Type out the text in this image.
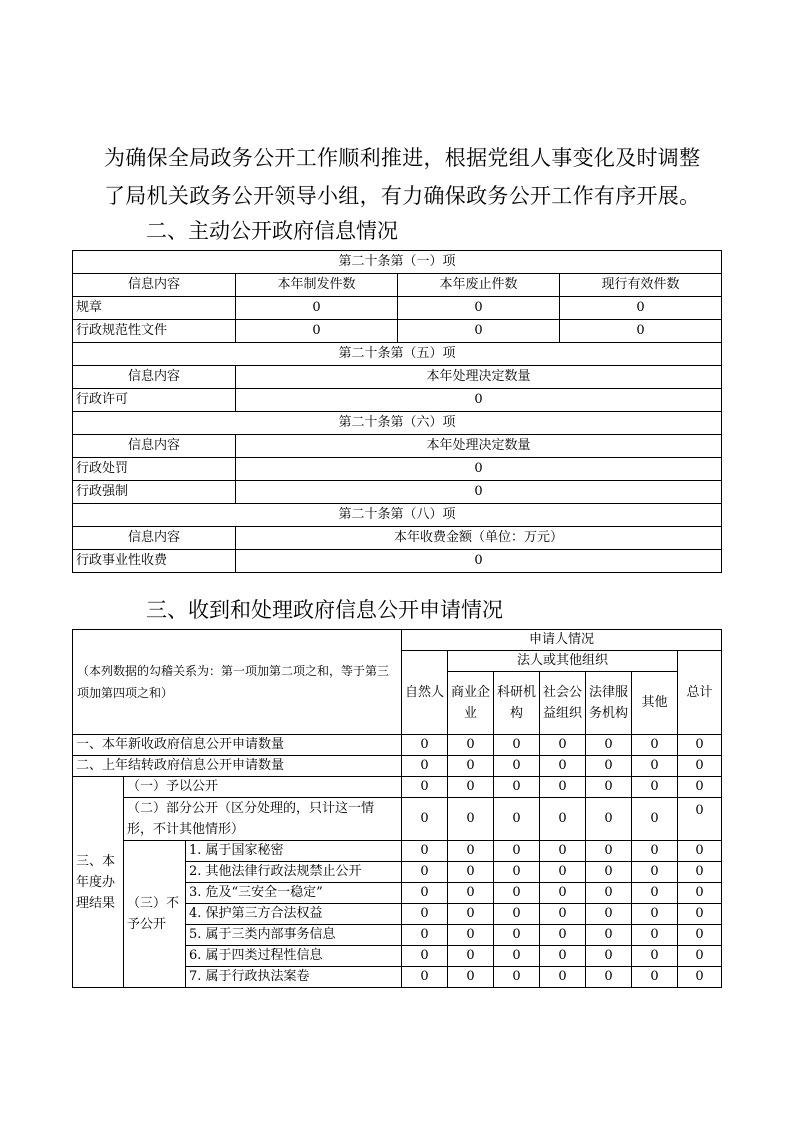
为确保全局政务公开工作顺利推进，根据党组人事变化及时调整
了局机关政务公开领导小组，有力确保政务公开工作有序开展。
二、主动公开政府信息情况
第二十条第（一）项			
信息内容	本年制发件数	本年废止件数	现行有效件数
规章	0	0	0
行政规范性文件	0	0	0
第二十条第（五）项			
信息内容	本年处理决定数量		
行政许可	0		
第二十条第（六）项			
信息内容	本年处理决定数量		
行政处罚	0		
行政强制	0		
第二十条第（八）项			
信息内容	本年收费金额（单位：万元）		
行政事业性收费	0		
三、收到和处理政府信息公开申请情况
（本列数据的勾稽关系为：第一项加第二项之和，等于第三项加第四项之和）			申请人情况						
			自然人	法人或其他组织					总计
				商业企业	科研机构	社会公益组织	法律服务机构	其他	
一、本年新收政府信息公开申请数量			0	0	0	0	0	0	0
二、上年结转政府信息公开申请数量			0	0	0	0	0	0	0
三、本年度办理结果	（一）予以公开		0	0	0	0	0	0	0
	（二）部分公开（区分处理的，只计这一情形，不计其他情形）		0	0	0	0	0	0	0
	（三）不予公开	1. 属于国家秘密	0	0	0	0	0	0	0
		2. 其他法律行政法规禁止公开	0	0	0	0	0	0	0
		3. 危及“三安全一稳定”	0	0	0	0	0	0	0
		4. 保护第三方合法权益	0	0	0	0	0	0	0
		5. 属于三类内部事务信息	0	0	0	0	0	0	0
		6. 属于四类过程性信息	0	0	0	0	0	0	0
		7. 属于行政执法案卷	0	0	0	0	0	0	0
